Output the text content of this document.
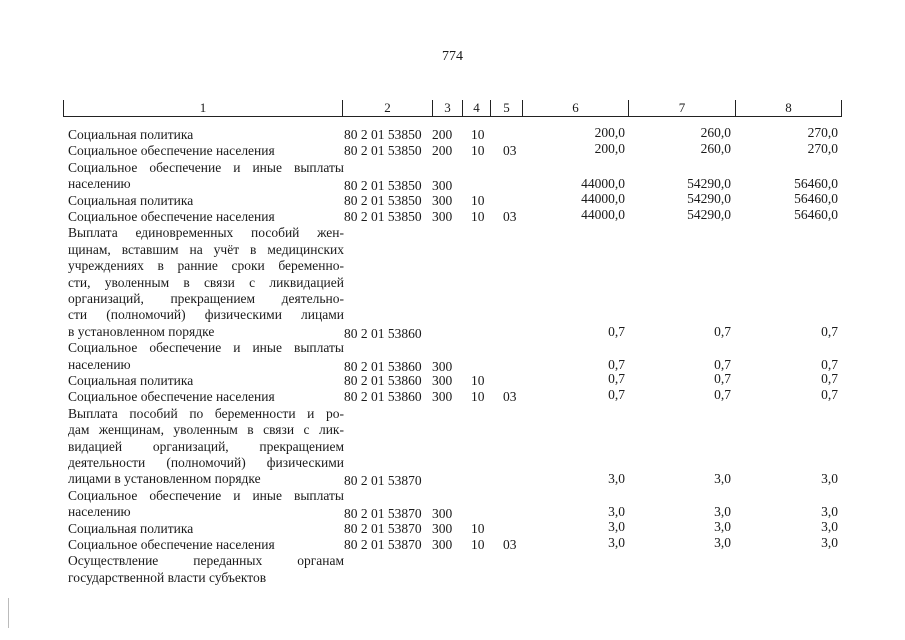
774
1	2	3	4	5	6	7	8
Социальная политика	80 2 01 53850 200 10	200,0	260,0	270,0
Социальное обеспечение населения	80 2 01 53850 200 10 03	200,0	260,0	270,0
Социальное обеспечение и иные выплаты
населению	80 2 01 53850 300	44000,0	54290,0	56460,0
Социальная политика	80 2 01 53850 300 10	44000,0	54290,0	56460,0
Социальное обеспечение населения	80 2 01 53850 300 10 03	44000,0	54290,0	56460,0
Выплата единовременных пособий жен-
щинам, вставшим на учёт в медицинских
учреждениях в ранние сроки беременно-
сти, уволенным в связи с ликвидацией
организаций, прекращением деятельно-
сти (полномочий) физическими лицами
в установленном порядке	80 2 01 53860	0,7	0,7	0,7
Социальное обеспечение и иные выплаты
населению	80 2 01 53860 300	0,7	0,7	0,7
Социальная политика	80 2 01 53860 300 10	0,7	0,7	0,7
Социальное обеспечение населения	80 2 01 53860 300 10 03	0,7	0,7	0,7
Выплата пособий по беременности и ро-
дам женщинам, уволенным в связи с лик-
видацией организаций, прекращением
деятельности (полномочий) физическими
лицами в установленном порядке	80 2 01 53870	3,0	3,0	3,0
Социальное обеспечение и иные выплаты
населению	80 2 01 53870 300	3,0	3,0	3,0
Социальная политика	80 2 01 53870 300 10	3,0	3,0	3,0
Социальное обеспечение населения	80 2 01 53870 300 10 03	3,0	3,0	3,0
Осуществление переданных органам
государственной власти субъектов
